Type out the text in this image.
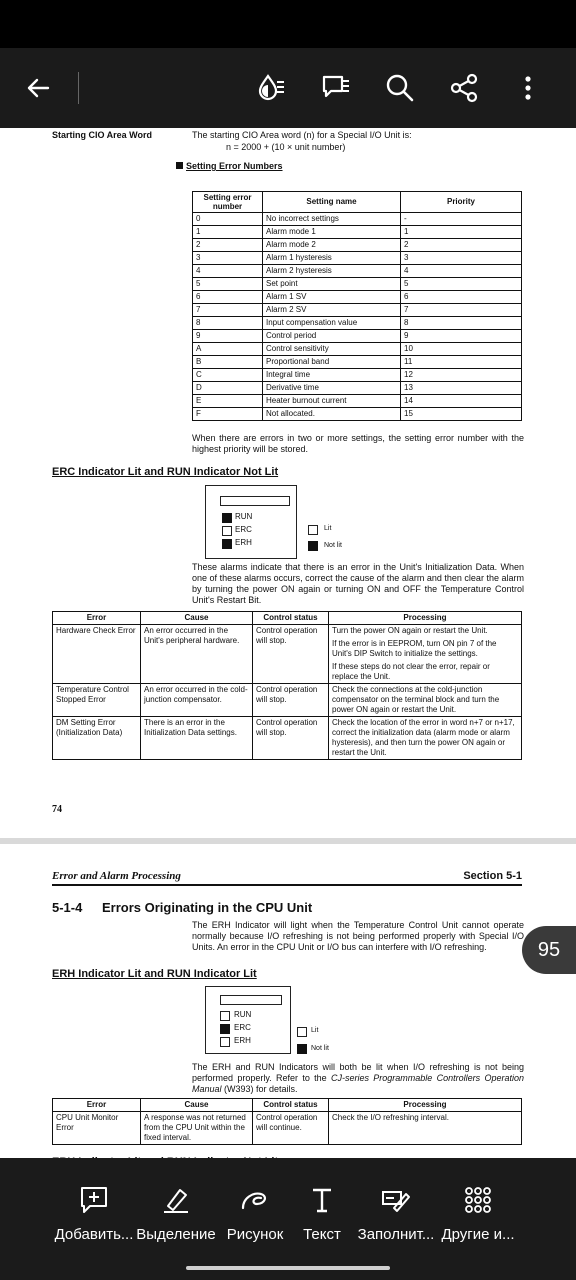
Starting CIO Area Word	The starting CIO Area word (n) for a Special I/O Unit is:
n = 2000 + (10 × unit number)
Setting Error Numbers
Setting error number	Setting name	Priority
0	No incorrect settings	-
1	Alarm mode 1	1
2	Alarm mode 2	2
3	Alarm 1 hysteresis	3
4	Alarm 2 hysteresis	4
5	Set point	5
6	Alarm 1 SV	6
7	Alarm 2 SV	7
8	Input compensation value	8
9	Control period	9
A	Control sensitivity	10
B	Proportional band	11
C	Integral time	12
D	Derivative time	13
E	Heater burnout current	14
F	Not allocated.	15
When there are errors in two or more settings, the setting error number with the highest priority will be stored.
ERC Indicator Lit and RUN Indicator Not Lit
RUN
ERC
ERH
Lit
Not lit
These alarms indicate that there is an error in the Unit's Initialization Data. When one of these alarms occurs, correct the cause of the alarm and then clear the alarm by turning the power ON again or turning ON and OFF the Temperature Control Unit's Restart Bit.
Error	Cause	Control status	Processing
Hardware Check Error	An error occurred in the Unit's peripheral hardware.	Control operation will stop.	Turn the power ON again or restart the Unit.
If the error is in EEPROM, turn ON pin 7 of the Unit's DIP Switch to initialize the settings.
If these steps do not clear the error, repair or replace the Unit.

Temperature Control Stopped Error	An error occurred in the cold-junction compensator.	Control operation will stop.	Check the connections at the cold-junction compensator on the terminal block and turn the power ON again or restart the Unit.

DM Setting Error (Initialization Data)	There is an error in the Initialization Data settings.	Control operation will stop.	Check the location of the error in word n+7 or n+17, correct the initialization data (alarm mode or alarm hysteresis), and then turn the power ON again or restart the Unit.
74
Error and Alarm Processing	Section 5-1
5-1-4 Errors Originating in the CPU Unit
The ERH Indicator will light when the Temperature Control Unit cannot operate normally because I/O refreshing is not being performed properly with Special I/O Units. An error in the CPU Unit or I/O bus can interfere with I/O refreshing.
ERH Indicator Lit and RUN Indicator Lit
RUN
ERC
ERH
Lit
Not lit
The ERH and RUN Indicators will both be lit when I/O refreshing is not being performed properly. Refer to the CJ-series Programmable Controllers Operation Manual (W393) for details.
Error	Cause	Control status	Processing
CPU Unit Monitor Error	A response was not returned from the CPU Unit within the fixed interval.	Control operation will continue.	Check the I/O refreshing interval.
95
Добавить... Выделение Рисунок	Текст	Заполнит... Другие и...
